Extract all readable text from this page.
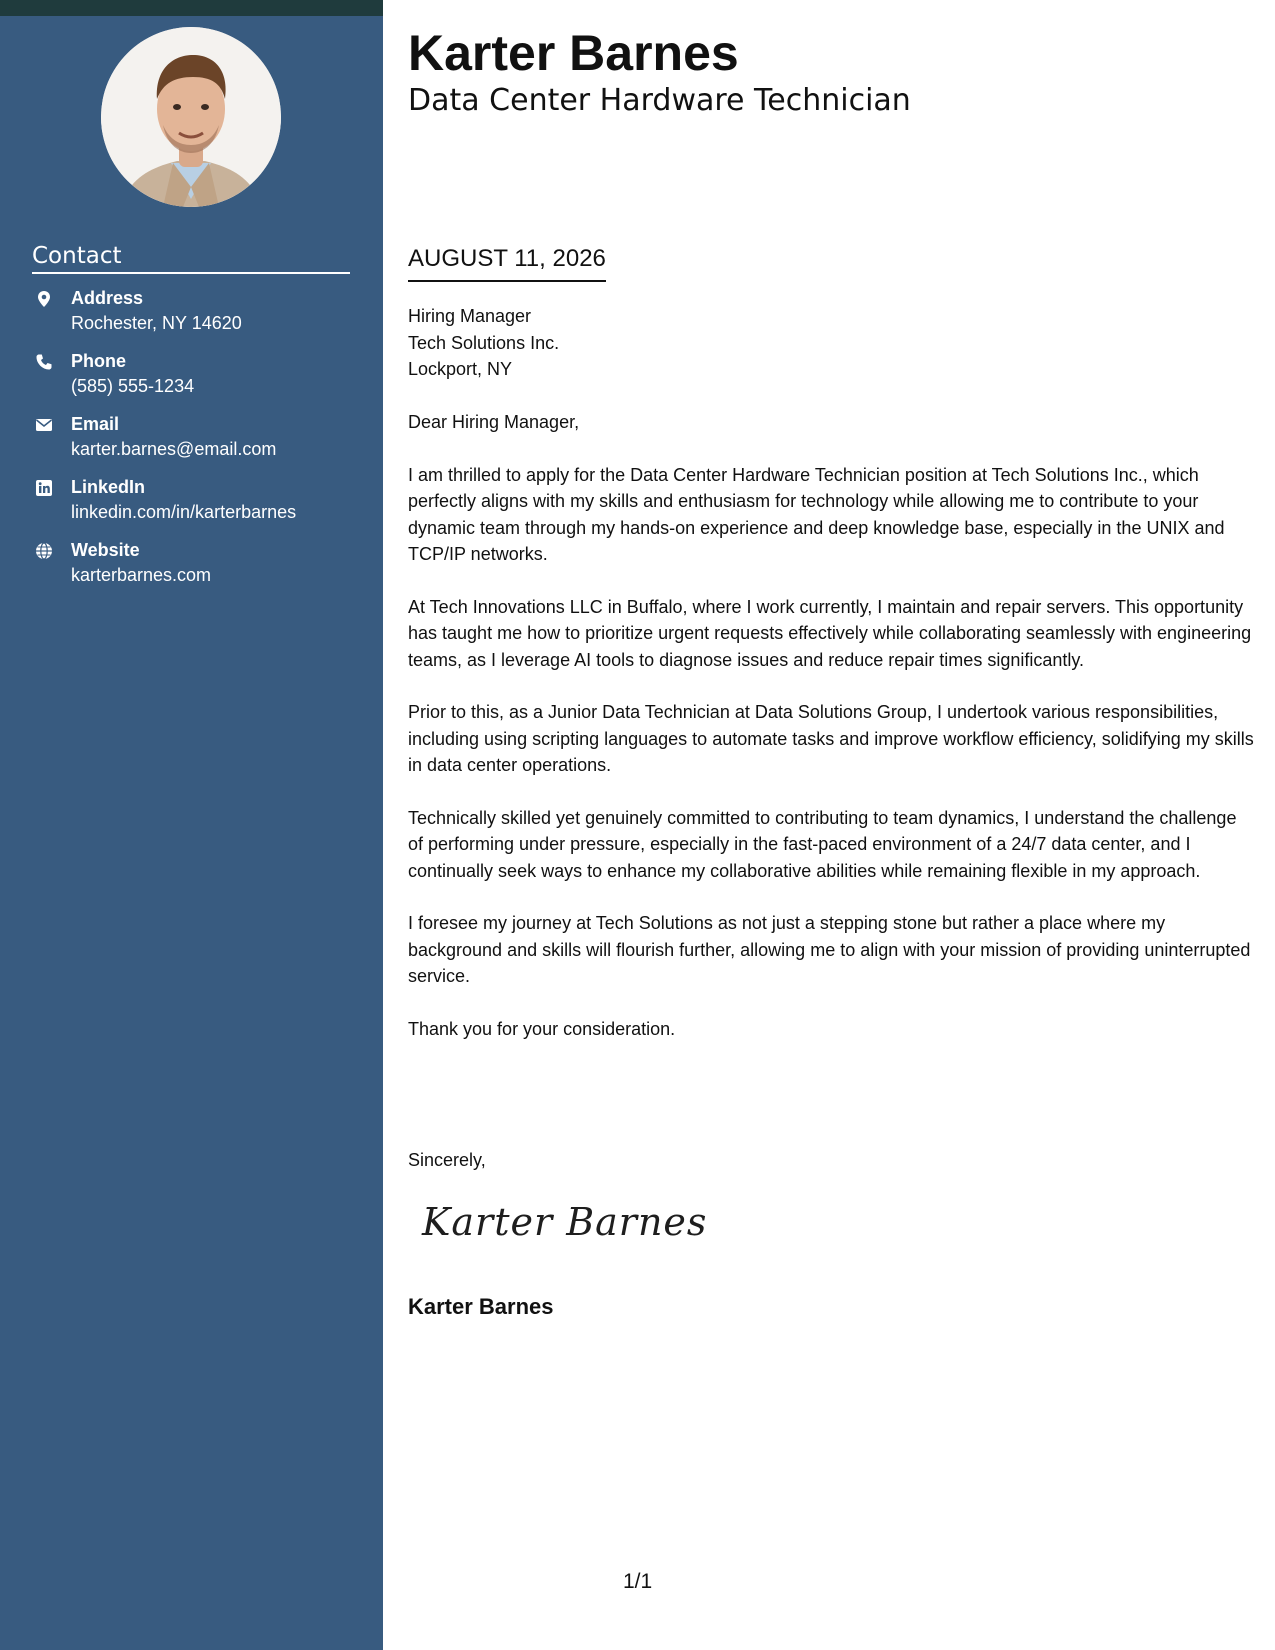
Contact
Address
Rochester, NY 14620
Phone
(585) 555-1234
Email
karter.barnes@email.com
LinkedIn
linkedin.com/in/karterbarnes
Website
karterbarnes.com
Karter Barnes
Data Center Hardware Technician
AUGUST 11, 2026
Hiring Manager
Tech Solutions Inc.
Lockport, NY

Dear Hiring Manager,

I am thrilled to apply for the Data Center Hardware Technician position at Tech Solutions Inc., which perfectly aligns with my skills and enthusiasm for technology while allowing me to contribute to your dynamic team through my hands-on experience and deep knowledge base, especially in the UNIX and TCP/IP networks.

At Tech Innovations LLC in Buffalo, where I work currently, I maintain and repair servers. This opportunity has taught me how to prioritize urgent requests effectively while collaborating seamlessly with engineering teams, as I leverage AI tools to diagnose issues and reduce repair times significantly.

Prior to this, as a Junior Data Technician at Data Solutions Group, I undertook various responsibilities, including using scripting languages to automate tasks and improve workflow efficiency, solidifying my skills in data center operations.

Technically skilled yet genuinely committed to contributing to team dynamics, I understand the challenge of performing under pressure, especially in the fast-paced environment of a 24/7 data center, and I continually seek ways to enhance my collaborative abilities while remaining flexible in my approach.

I foresee my journey at Tech Solutions as not just a stepping stone but rather a place where my background and skills will flourish further, allowing me to align with your mission of providing uninterrupted service.

Thank you for your consideration.

Sincerely,
Karter Barnes
Karter Barnes
1/1
